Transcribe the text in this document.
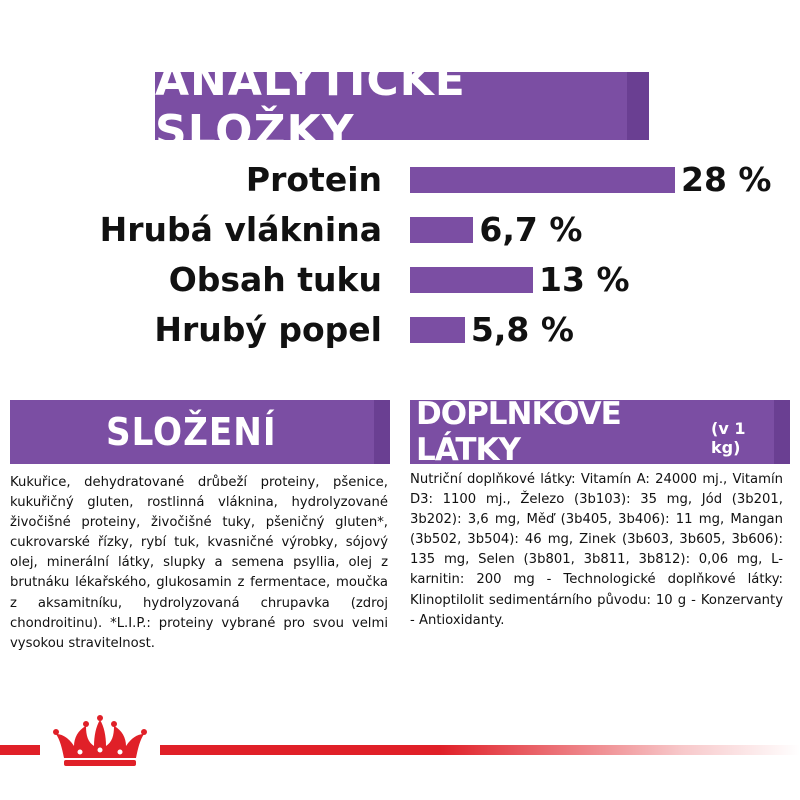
ANALYTICKÉ SLOŽKY
Protein	28 %
Hrubá vláknina	6,7 %
Obsah tuku	13 %
Hrubý popel	5,8 %
SLOŽENÍ
Kukuřice, dehydratované drůbeží proteiny, pšenice, kukuřičný gluten, rostlinná vláknina, hydrolyzované živočišné proteiny, živočišné tuky, pšeničný gluten*, cukrovarské řízky, rybí tuk, kvasničné výrobky, sójový olej, minerální látky, slupky a semena psyllia, olej z brutnáku lékařského, glukosamin z fermentace, moučka z aksamitníku, hydrolyzovaná chrupavka (zdroj chondroitinu). *L.I.P.: proteiny vybrané pro svou velmi vysokou stravitelnost.
DOPLŇKOVÉ LÁTKY
(v 1 kg)
Nutriční doplňkové látky: Vitamín A: 24000 mj., Vitamín D3: 1100 mj., Železo (3b103): 35 mg, Jód (3b201, 3b202): 3,6 mg, Měď (3b405, 3b406): 11 mg, Mangan (3b502, 3b504): 46 mg, Zinek (3b603, 3b605, 3b606): 135 mg, Selen (3b801, 3b811, 3b812): 0,06 mg, L-karnitin: 200 mg - Technologické doplňkové látky: Klinoptilolit sedimentárního původu: 10 g - Konzervanty - Antioxidanty.
